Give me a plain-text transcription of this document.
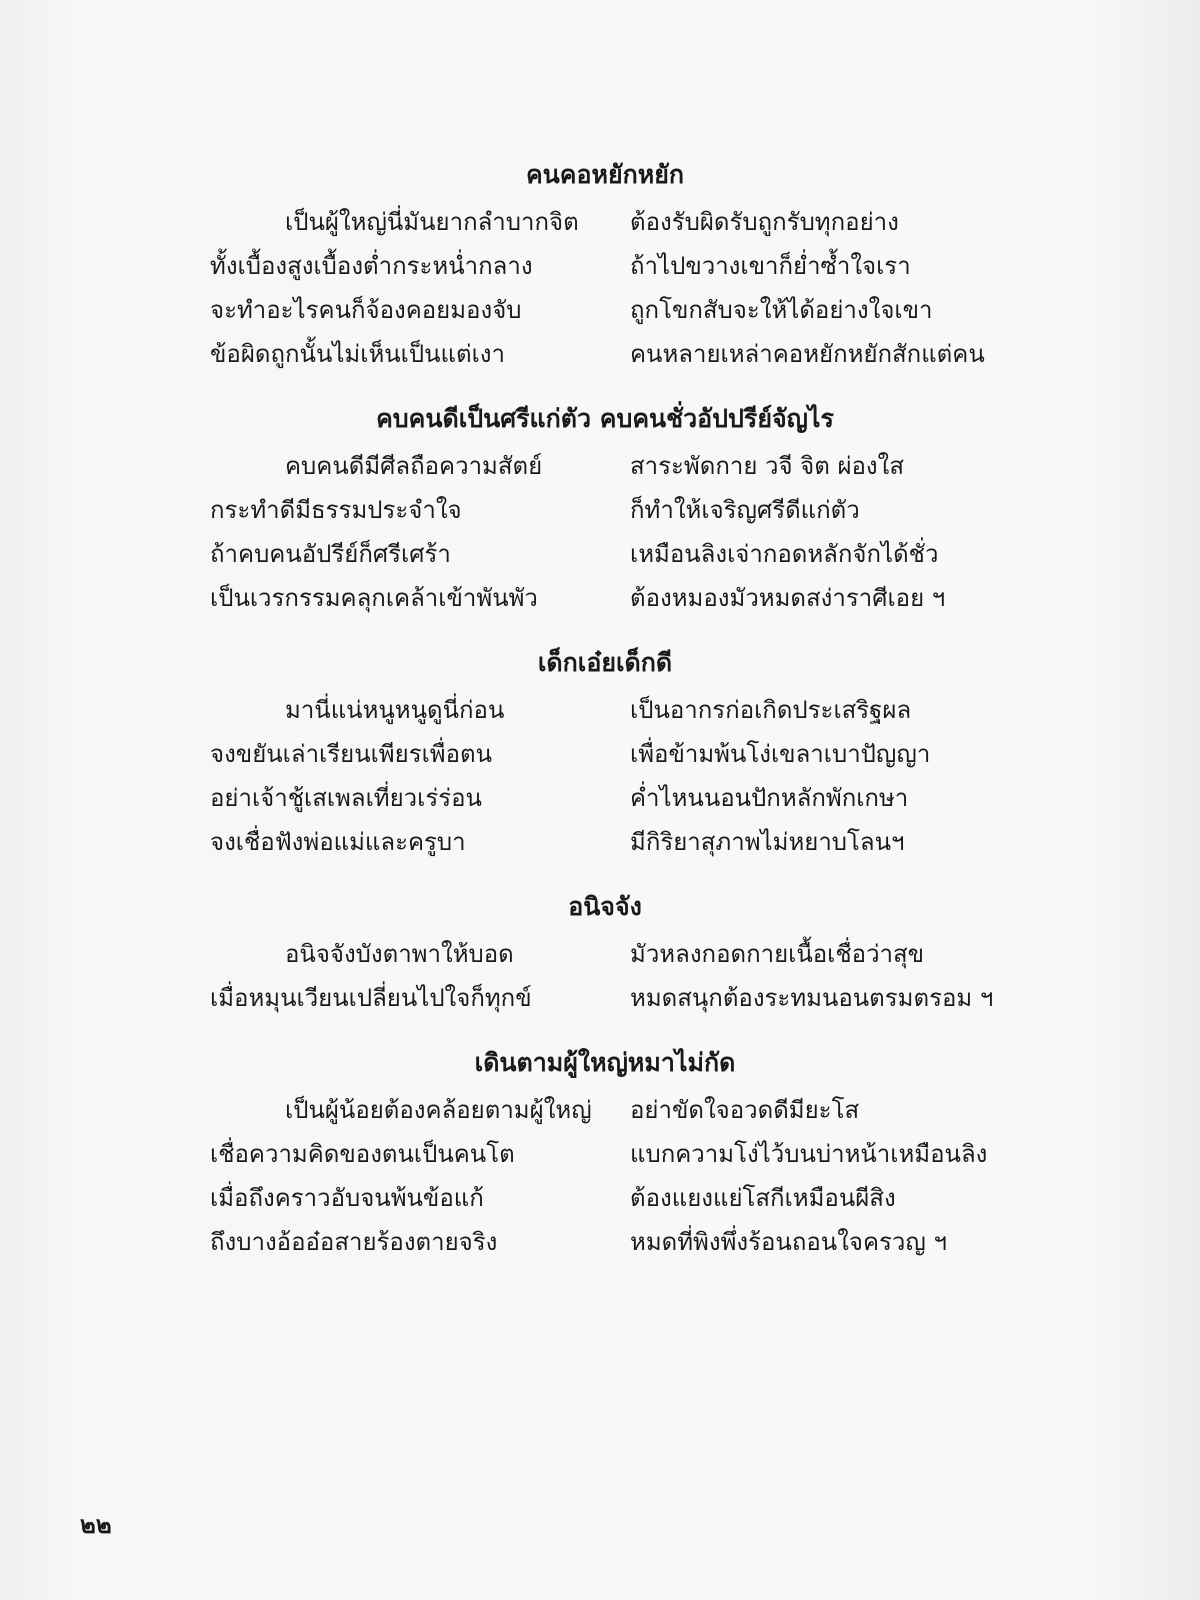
คนคอหยักหยัก
เป็นผู้ใหญ่นี่มันยากลำบากจิต	ต้องรับผิดรับถูกรับทุกอย่าง
ทั้งเบื้องสูงเบื้องต่ำกระหน่ำกลาง	ถ้าไปขวางเขาก็ย่ำซ้ำใจเรา
จะทำอะไรคนก็จ้องคอยมองจับ	ถูกโขกสับจะให้ได้อย่างใจเขา
ข้อผิดถูกนั้นไม่เห็นเป็นแต่เงา	คนหลายเหล่าคอหยักหยักสักแต่คน
คบคนดีเป็นศรีแก่ตัว คบคนชั่วอัปปรีย์จัญไร
คบคนดีมีศีลถือความสัตย์	สาระพัดกาย วจี จิต ผ่องใส
กระทำดีมีธรรมประจำใจ	ก็ทำให้เจริญศรีดีแก่ตัว
ถ้าคบคนอัปรีย์ก็ศรีเศร้า	เหมือนลิงเจ่ากอดหลักจักได้ชั่ว
เป็นเวรกรรมคลุกเคล้าเข้าพันพัว	ต้องหมองมัวหมดสง่าราศีเอย ฯ
เด็กเอ๋ยเด็กดี
มานี่แน่หนูหนูดูนี่ก่อน	เป็นอากรก่อเกิดประเสริฐผล
จงขยันเล่าเรียนเพียรเพื่อตน	เพื่อข้ามพ้นโง่เขลาเบาปัญญา
อย่าเจ้าชู้เสเพลเที่ยวเร่ร่อน	ค่ำไหนนอนปักหลักพักเกษา
จงเชื่อฟังพ่อแม่และครูบา	มีกิริยาสุภาพไม่หยาบโลนฯ
อนิจจัง
อนิจจังบังตาพาให้บอด	มัวหลงกอดกายเนื้อเชื่อว่าสุข
เมื่อหมุนเวียนเปลี่ยนไปใจก็ทุกข์	หมดสนุกต้องระทมนอนตรมตรอม ฯ
เดินตามผู้ใหญ่หมาไม่กัด
เป็นผู้น้อยต้องคล้อยตามผู้ใหญ่	อย่าขัดใจอวดดีมียะโส
เชื่อความคิดของตนเป็นคนโต	แบกความโง่ไว้บนบ่าหน้าเหมือนลิง
เมื่อถึงคราวอับจนพ้นข้อแก้	ต้องแยงแย่โสกีเหมือนผีสิง
ถึงบางอ้ออ๋อสายร้องตายจริง	หมดที่พิงพึ่งร้อนถอนใจครวญ ฯ
๒๒
